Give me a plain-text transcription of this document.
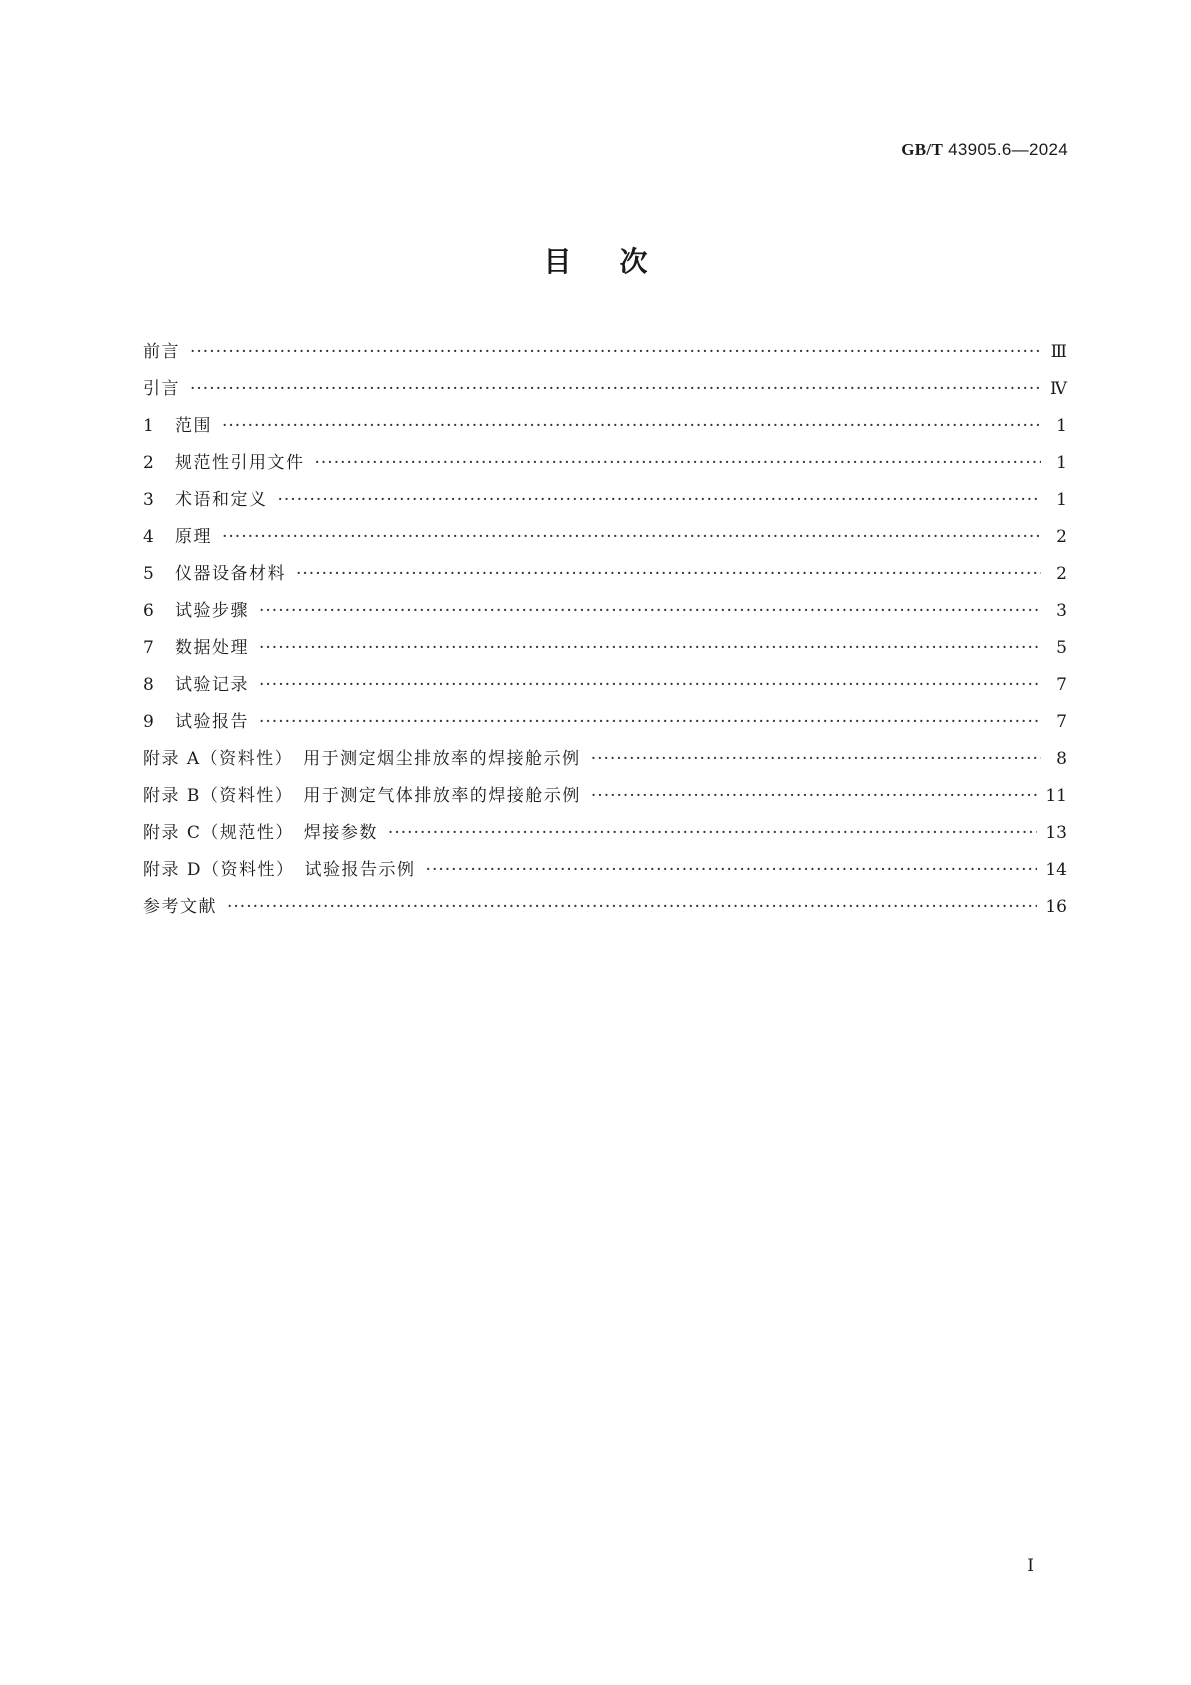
GB/T 43905.6—2024
目次
前言 ·····	Ⅲ
引言 ·····	Ⅳ
1	范围 ·····	1
2	规范性引用文件 ·····	1
3	术语和定义 ·····	1
4	原理 ·····	2
5	仪器设备材料 ·····	2
6	试验步骤 ·····	3
7	数据处理 ·····	5
8	试验记录 ·····	7
9	试验报告 ·····	7
附录 A（资料性）　用于测定烟尘排放率的焊接舱示例 ·····	8
附录 B（资料性）　用于测定气体排放率的焊接舱示例 ·····	11
附录 C（规范性）　焊接参数 ·····	13
附录 D（资料性）　试验报告示例 ·····	14
参考文献 ·····	16
Ⅰ
